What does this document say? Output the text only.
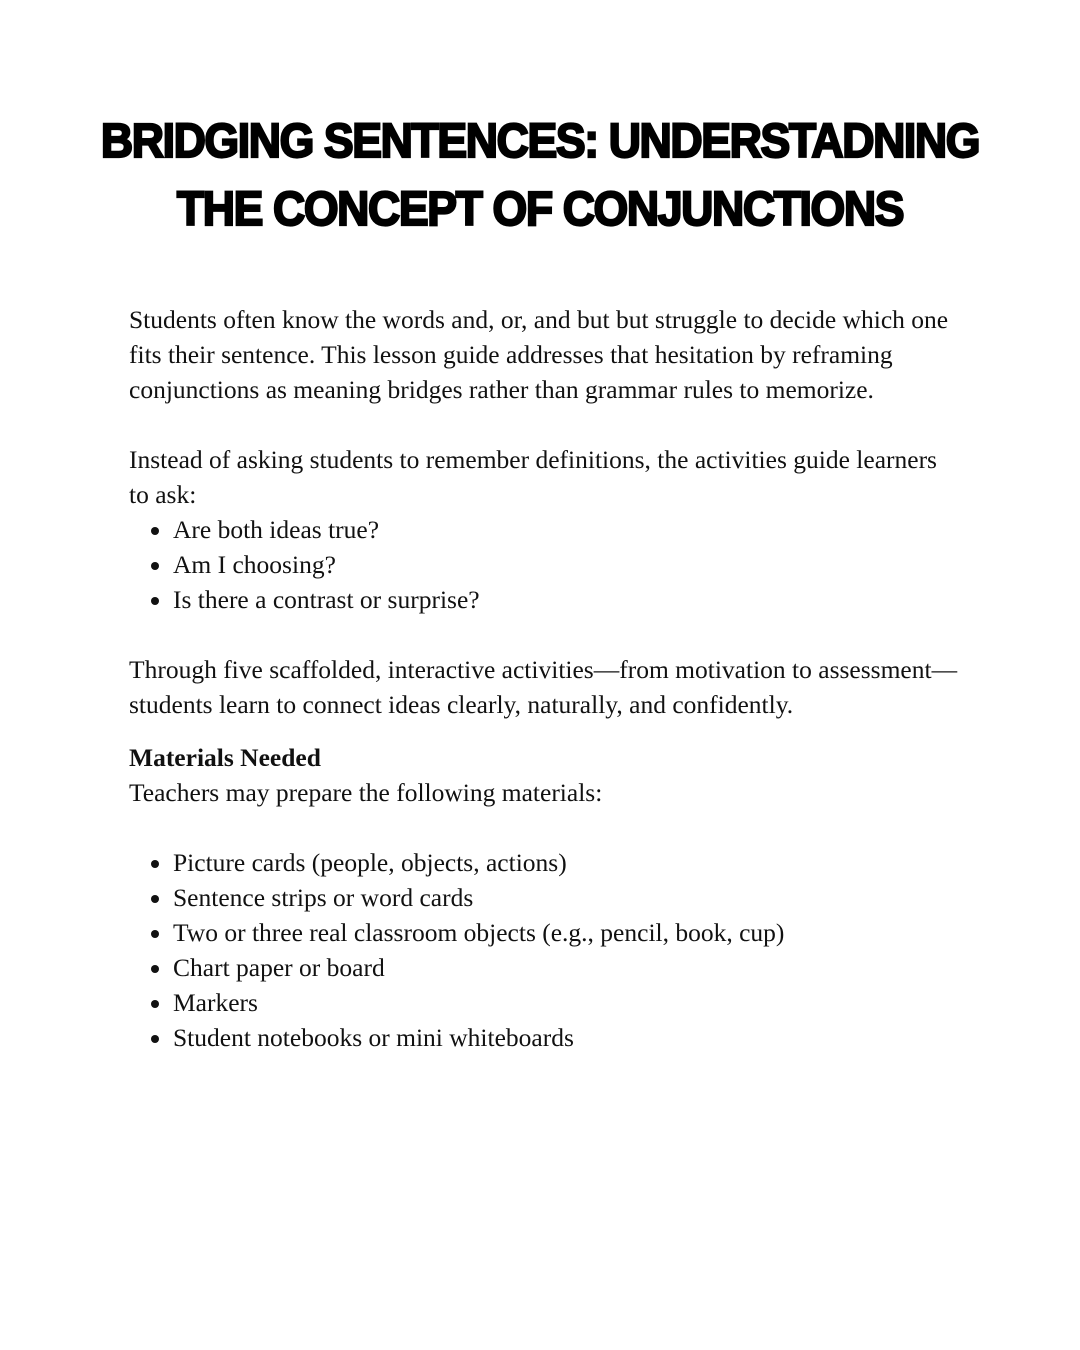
BRIDGING SENTENCES: UNDERSTADNING
THE CONCEPT OF CONJUNCTIONS

Students often know the words and, or, and but but struggle to decide which one fits their sentence. This lesson guide addresses that hesitation by reframing conjunctions as meaning bridges rather than grammar rules to memorize.

Instead of asking students to remember definitions, the activities guide learners to ask:

• Are both ideas true?
• Am I choosing?
• Is there a contrast or surprise?

Through five scaffolded, interactive activities—from motivation to assessment—students learn to connect ideas clearly, naturally, and confidently.

Materials Needed

Teachers may prepare the following materials:

• Picture cards (people, objects, actions)
• Sentence strips or word cards
• Two or three real classroom objects (e.g., pencil, book, cup)
• Chart paper or board
• Markers
• Student notebooks or mini whiteboards
